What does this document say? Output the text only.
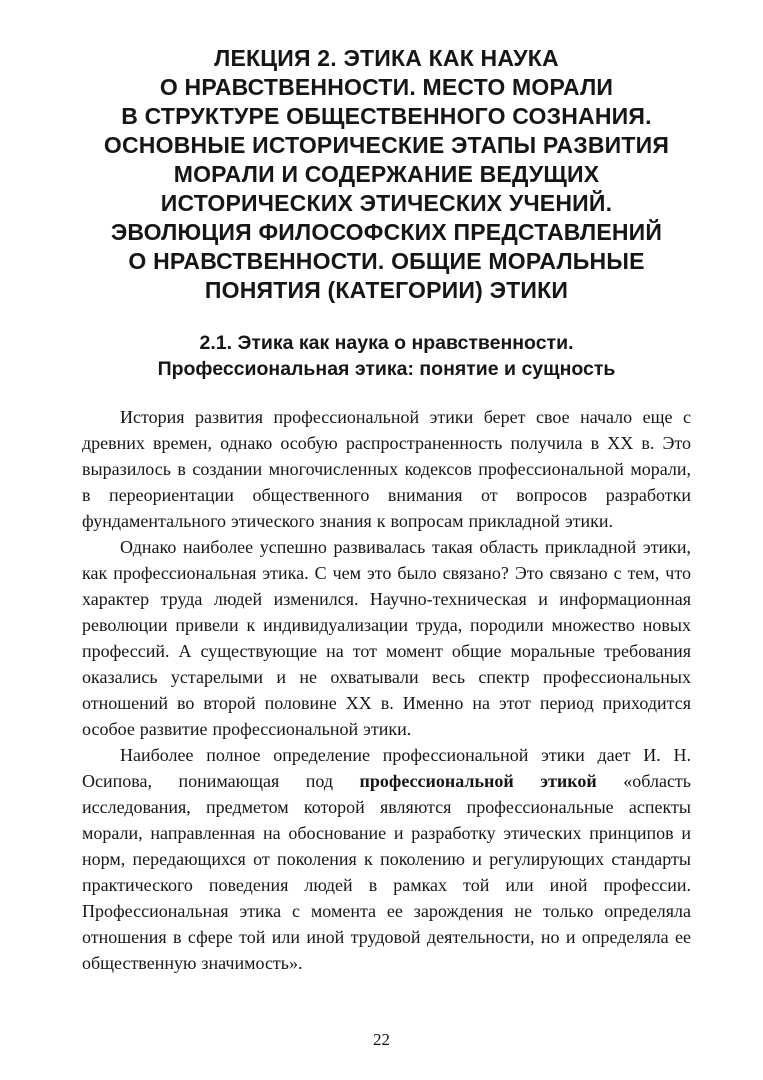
ЛЕКЦИЯ 2. ЭТИКА КАК НАУКА
О НРАВСТВЕННОСТИ. МЕСТО МОРАЛИ
В СТРУКТУРЕ ОБЩЕСТВЕННОГО СОЗНАНИЯ.
ОСНОВНЫЕ ИСТОРИЧЕСКИЕ ЭТАПЫ РАЗВИТИЯ
МОРАЛИ И СОДЕРЖАНИЕ ВЕДУЩИХ
ИСТОРИЧЕСКИХ ЭТИЧЕСКИХ УЧЕНИЙ.
ЭВОЛЮЦИЯ ФИЛОСОФСКИХ ПРЕДСТАВЛЕНИЙ
О НРАВСТВЕННОСТИ. ОБЩИЕ МОРАЛЬНЫЕ
ПОНЯТИЯ (КАТЕГОРИИ) ЭТИКИ
2.1. Этика как наука о нравственности.
Профессиональная этика: понятие и сущность

История развития профессиональной этики берет свое начало еще с древних времен, однако особую распространенность получила в XX в. Это выразилось в создании многочисленных кодексов профессиональной морали, в переориентации общественного внимания от вопросов разработки фундаментального этического знания к вопросам прикладной этики.

Однако наиболее успешно развивалась такая область прикладной этики, как профессиональная этика. С чем это было связано? Это связано с тем, что характер труда людей изменился. Научно-техническая и информационная революции привели к индивидуализации труда, породили множество новых профессий. А существующие на тот момент общие моральные требования оказались устарелыми и не охватывали весь спектр профессиональных отношений во второй половине XX в. Именно на этот период приходится особое развитие профессиональной этики.

Наиболее полное определение профессиональной этики дает И. Н. Осипова, понимающая под профессиональной этикой «область исследования, предметом которой являются профессиональные аспекты морали, направленная на обоснование и разработку этических принципов и норм, передающихся от поколения к поколению и регулирующих стандарты практического поведения людей в рамках той или иной профессии. Профессиональная этика с момента ее зарождения не только определяла отношения в сфере той или иной трудовой деятельности, но и определяла ее общественную значимость».

22
